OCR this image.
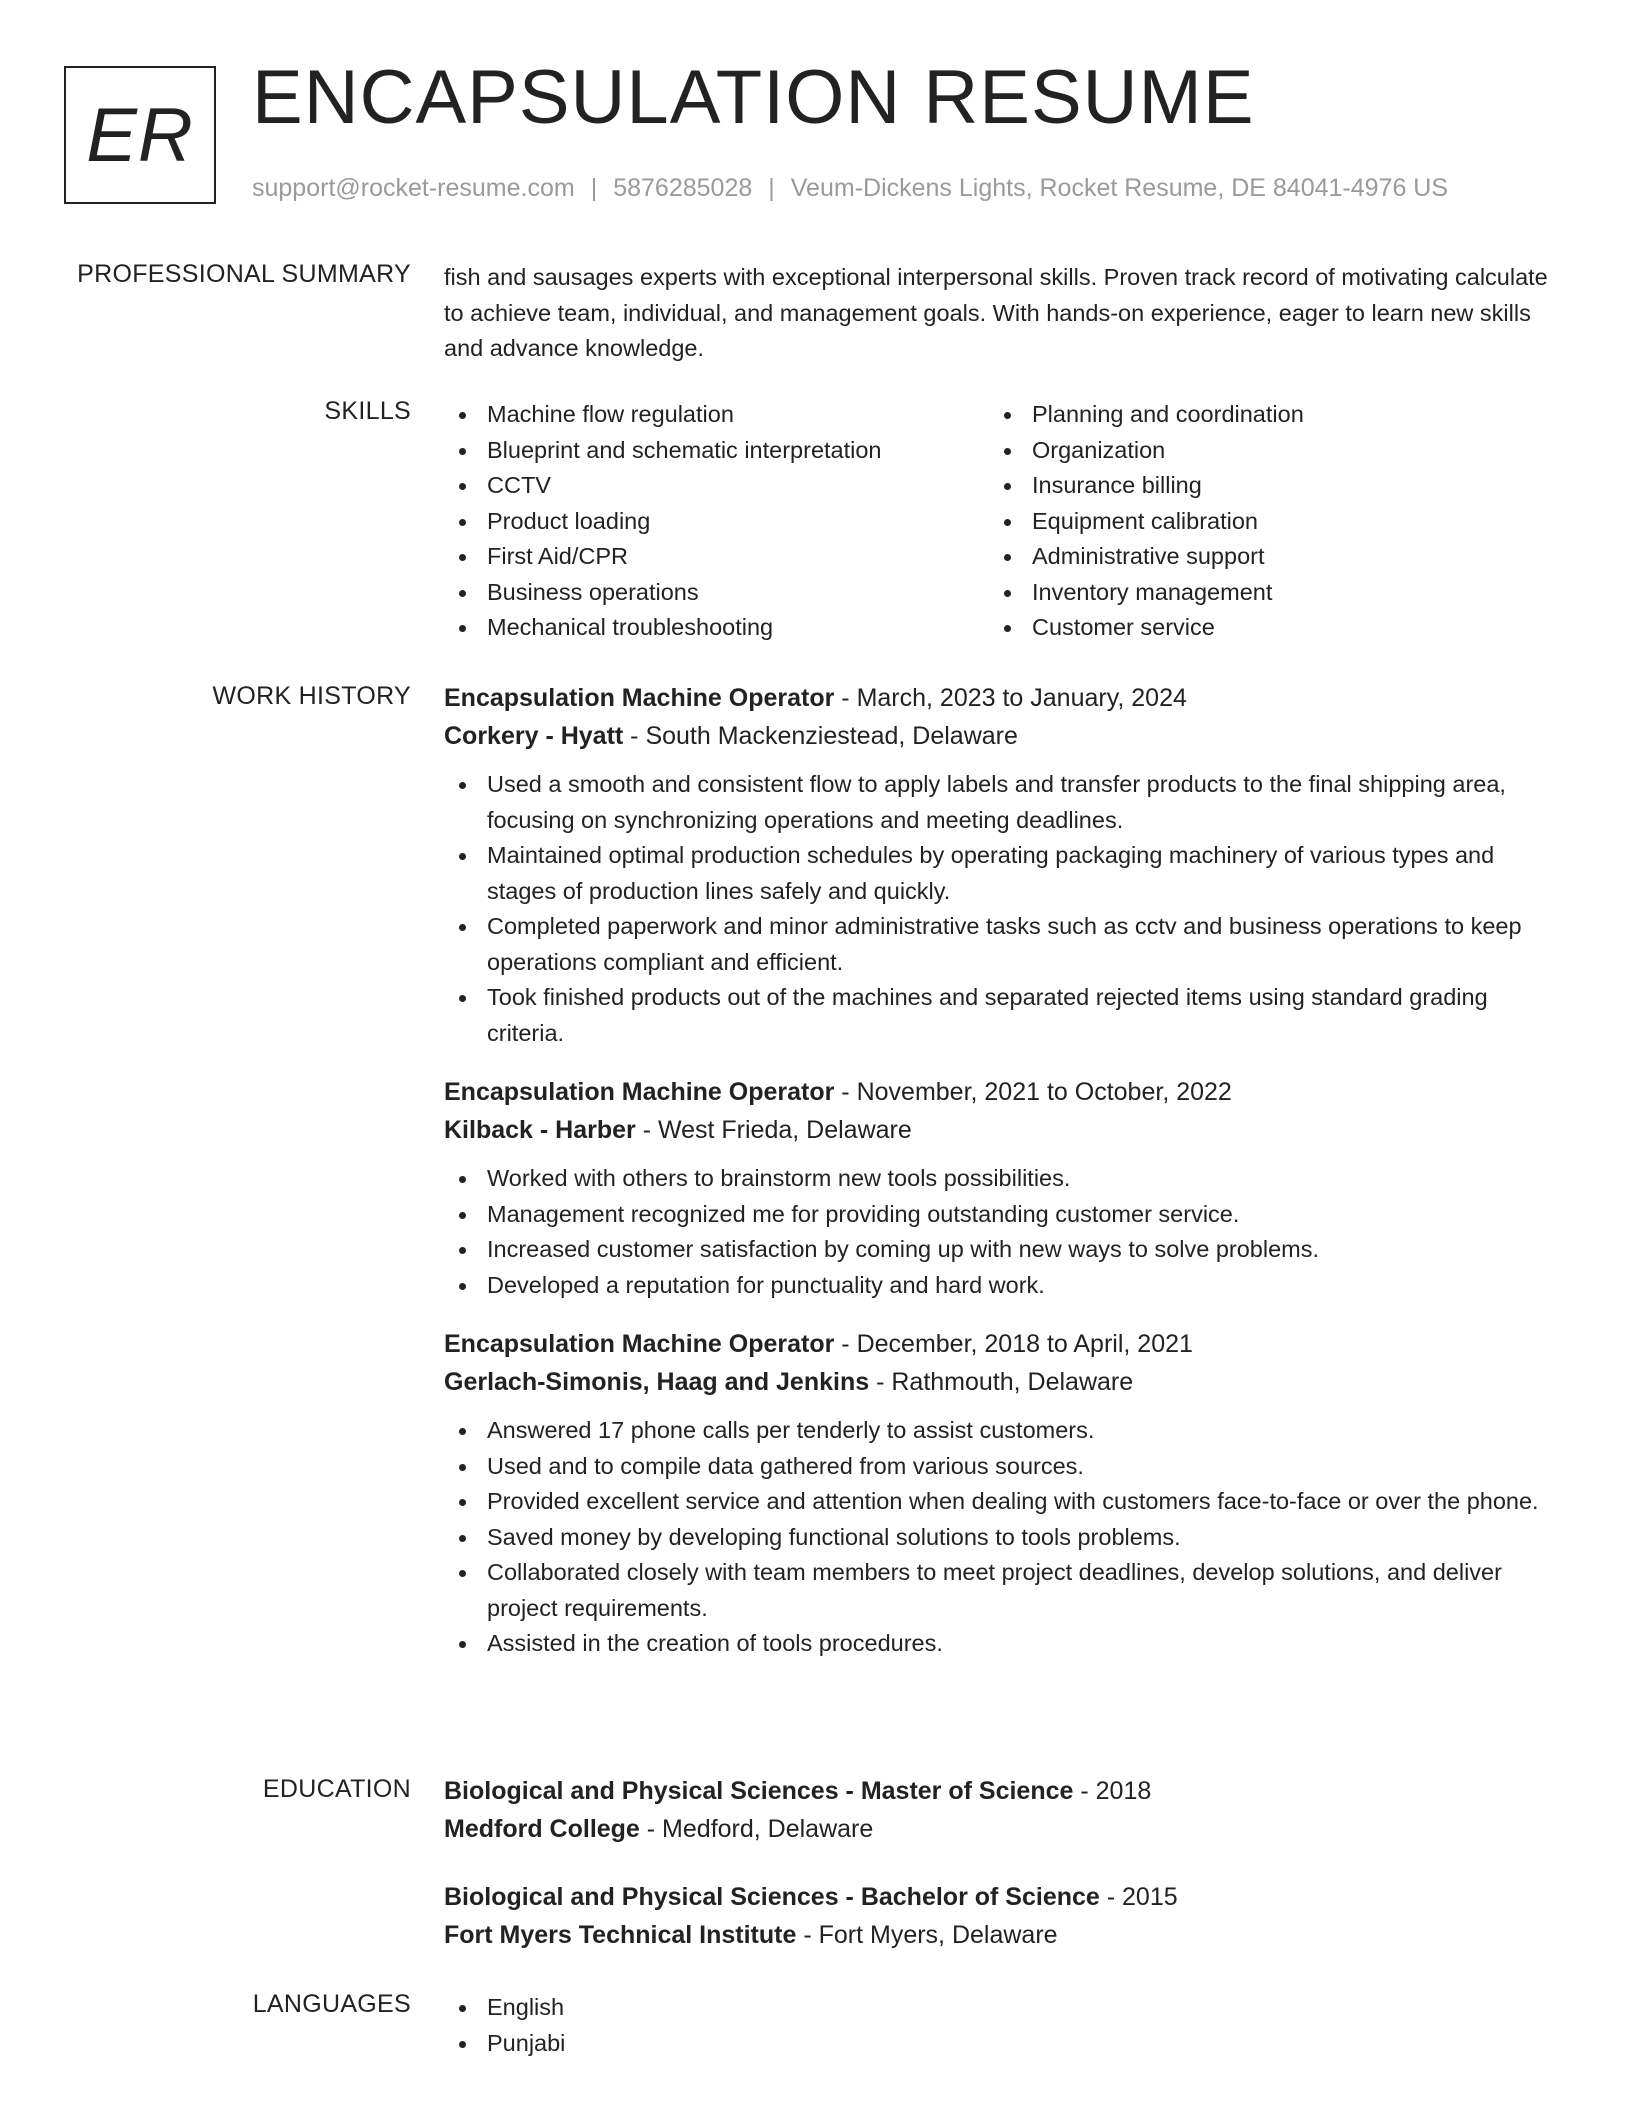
ER ENCAPSULATION RESUME
support@rocket-resume.com | 5876285028 | Veum-Dickens Lights, Rocket Resume, DE 84041-4976 US
PROFESSIONAL SUMMARY fish and sausages experts with exceptional interpersonal skills. Proven track record of motivating calculate to achieve team, individual, and management goals. With hands-on experience, eager to learn new skills and advance knowledge.

SKILLS	Machine flow regulation
Blueprint and schematic interpretation
CCTV
Product loading
First Aid/CPR
Business operations
Mechanical troubleshooting
Planning and coordination
Organization
Insurance billing
Equipment calibration
Administrative support
Inventory management
Customer service
WORK HISTORY Encapsulation Machine Operator - March, 2023 to January, 2024
Corkery - Hyatt - South Mackenziestead, Delaware
Used a smooth and consistent flow to apply labels and transfer products to the final shipping area, focusing on synchronizing operations and meeting deadlines.
Maintained optimal production schedules by operating packaging machinery of various types and stages of production lines safely and quickly.
Completed paperwork and minor administrative tasks such as cctv and business operations to keep operations compliant and efficient.
Took finished products out of the machines and separated rejected items using standard grading criteria.
Encapsulation Machine Operator - November, 2021 to October, 2022
Kilback - Harber - West Frieda, Delaware
Worked with others to brainstorm new tools possibilities.
Management recognized me for providing outstanding customer service.
Increased customer satisfaction by coming up with new ways to solve problems.
Developed a reputation for punctuality and hard work.
Encapsulation Machine Operator - December, 2018 to April, 2021
Gerlach-Simonis, Haag and Jenkins - Rathmouth, Delaware
Answered 17 phone calls per tenderly to assist customers.
Used and to compile data gathered from various sources.
Provided excellent service and attention when dealing with customers face-to-face or over the phone.
Saved money by developing functional solutions to tools problems.
Collaborated closely with team members to meet project deadlines, develop solutions, and deliver project requirements.
Assisted in the creation of tools procedures.
EDUCATION Biological and Physical Sciences - Master of Science - 2018
Medford College - Medford, Delaware
Biological and Physical Sciences - Bachelor of Science - 2015
Fort Myers Technical Institute - Fort Myers, Delaware
LANGUAGES	English
Punjabi
